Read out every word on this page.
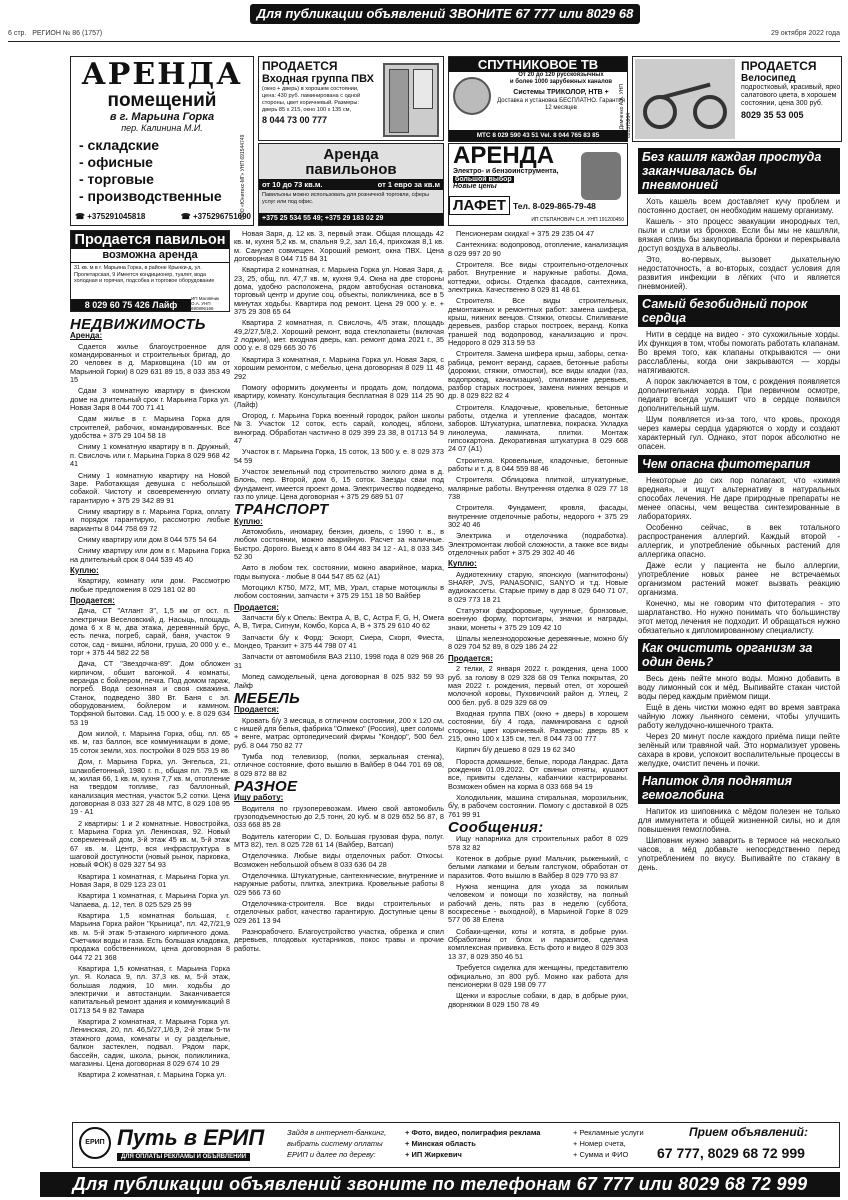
Для публикации объявлений ЗВОНИТЕ 67 777 или 8029 68 72 999
6 стр. РЕГИОН № 86 (1757)	29 октября 2022 года
АРЕНДА
помещений
в г. Марьина Горка
пер. Калинина М.И.
- складские
- офисные
- торговые
- производственные
☎ +375291045818	☎ +375296751690
ООО «Юнитекс-МГ» УНП 691544749
ПРОДАЕТСЯ
Входная группа ПВХ
(окно + дверь) в хорошем состоянии, цена: 430 руб. ламинирована с одной стороны, цвет коричневый. Размеры: дверь 85 х 215, окно 100 х 135 см,
8 044 73 00 777
СПУТНИКОВОЕ ТВ
От 20 до 120 русскоязычных
и более 1000 зарубежных каналов
Системы ТРИКОЛОР, НТВ +
Доставка и установка БЕСПЛАТНО. Гарантия 12 месяцев
МТС 8 029 590 43 51 Vel. 8 044 765 83 85	ИП Демченко А.А. УНП 691375964
ПРОДАЕТСЯ
Велосипед
подростковый, красивый, ярко салатового цвета, в хорошем состоянии, цена 300 руб.
8029 35 53 005
Аренда павильонов
от 10 до 73 кв.м.	от 1 евро за кв.м
Павильоны можно использовать для розничной торговли, сферы услуг или под офис.
+375 25 534 55 49; +375 29 183 02 29
АРЕНДА
Электро- и бензоинструмента,
большой выбор
Новые цены
ЛАФЕТ Тел. 8-029-865-79-48
ИП СТЕПАНОВИЧ С.Н. УНП 191200450
Продается павильон
возможна аренда
31 кв. м в г. Марьина Горка, в районе Крынки-д, ул. Пролетарская, 9 Имеется кондиционер, туалет, вода холодная и горячая, подсобка и торговое оборудование
8 029 60 75 426 Лайф
ИП Малявчик О.А. УНП 690896166
НЕДВИЖИМОСТЬ
Аренда:

Сдается жилье благоустроенное для командированных и строительных бригад, до 20 человек в д. Марковщина (10 км от Марьиной Горки) 8 029 631 89 15, 8 033 353 49 15

Сдам 3 комнатную квартиру в финском доме на длительный срок г. Марьина Горка ул. Новая Заря 8 044 700 71 41

Сдам жилье в г. Марьина Горка для строителей, рабочих, командированных. Все удобства + 375 29 104 58 18

Сниму 1 комнатную квартиру в п. Дружный, п. Свислочь или г. Марьина Горка 8 029 968 42 41

Сниму 1 комнатную квартиру на Новой Заре. Работающая девушка с небольшой собакой. Чистоту и своевременную оплату гарантирую + 375 29 342 89 91

Сниму квартиру в г. Марьина Горка, оплату и порядок гарантирую, рассмотрю любые варианты 8 044 758 69 72

Сниму квартиру или дом 8 044 575 54 64

Сниму квартиру или дом в г. Марьина Горка на длительный срок 8 044 539 45 40

Куплю:

Квартиру, комнату или дом. Рассмотрю любые предложения 8 029 181 02 80

Продается:

Дача, СТ "Атлант 3", 1,5 км от ост. п. электрички Веселовский, д. Насыць, площадь дома 6 х 8 м, два этажа, деревянный брус, есть печка, погреб, сарай, баня, участок 9 соток, сад - вишни, яблони, груша, 20 000 у. е., торг + 375 44 582 22 58

Дача, СТ "Звездочка-89". Дом обложен кирпичом, обшит вагонкой. 4 комнаты, веранда с бойлером, печка. Под домом гараж, погреб. Вода сезонная и своя скважина. Станок, подведено 380 Вт. Баня с эл. оборудованием, бойлером и камином. Торфяной бытовки. Сад. 15 000 у. е. 8 029 634 53 19

Дом жилой, г. Марьина Горка, общ. пл. 65 кв. м, газ баллон, все коммуникации в доме, 15 соток земли, хоз. постройки 8 029 553 19 86

Дом, г. Марьина Горка, ул. Энгельса, 21, шлакобетонный, 1980 г. п., общая пл. 79,5 кв. м, жилая 66, 1 кв. м, кухня 7,7 кв. м, отопление на твердом топливе, газ баллонный, канализация местная, участок 5,2 сотки. Цена договорная 8 033 327 28 48 МТС, 8 029 108 95 19 - А1

2 квартиры: 1 и 2 комнатные. Новостройка, г. Марьина Горка ул. Ленинская, 92. Новый современный дом, 3-й этаж 45 кв. м, 5-й этаж 67 кв. м. Центр, вся инфраструктура в шаговой доступности (новый рынок, парковка, новый ФОК) 8 029 327 54 93

Квартира 1 комнатная, г. Марьина Горка ул. Новая Заря, 8 029 123 23 01

Квартира 1 комнатная, г. Марьина Горка ул. Чапаева, д. 12, тел. 8 025 529 25 99

Квартира 1,5 комнатная большая, г. Марьина Горка район "Крыница", пл. 42,7/21,9 кв. м. 5-й этаж 5-этажного кирпичного дома. Счетчики воды и газа. Есть большая кладовка, продажа собственником, цена договорная 8 044 72 21 368

Квартира 1,5 комнатная, г. Марьина Горка ул. Я. Коласа 9, пл. 37,3 кв. м, 5-й этаж, большая лоджия, 10 мин. ходьбы до электрички и автостанции. Заканчивается капитальный ремонт здания и коммуникаций 8 01713 54 9 82 Тамара

Квартира 2 комнатная, г. Марьина Горка ул. Ленинская, 20, пл. 46,5/27,1/6,9, 2-й этаж 5-ти этажного дома, комнаты и су раздельные, балкон застеклен, подвал. Рядом парк, бассейн, садик, школа, рынок, поликлиника, магазины. Цена договорная 8 029 674 10 29

Квартира 2 комнатная, г. Марьина Горка ул.

Новая Заря, д. 12 кв. 3, первый этаж. Общая площадь 42 кв. м, кухня 5,2 кв. м, спальня 9,2, зал 16,4, прихожая 8,1 кв. м. Санузел совмещен. Хороший ремонт, окна ПВХ. Цена договорная 8 044 715 84 31

Квартира 2 комнатная, г. Марьина Горка ул. Новая Заря, д. 23, 25, общ. пл. 47,7 кв. м, кухня 9,4. Окна на две стороны дома, удобно расположена, рядом автобусная остановка, торговый центр и другие соц. объекты, поликлиника, все в 5 минутах ходьбы. Квартира под ремонт. Цена 29 000 у. е. + 375 29 308 65 64

Квартира 2 комнатная, п. Свислочь, 4/5 этаж, площадь 49,2/27,5/8,2. Хороший ремонт, вода стеклопакеты (включая 2 лоджии), мет. входная дверь, кап. ремонт дома 2021 г., 35 000 у. е. 8 029 665 30 76

Квартира 3 комнатная, г. Марьина Горка ул. Новая Заря, с хорошим ремонтом, с мебелью, цена договорная 8 029 11 48 292

Помогу оформить документы и продать дом, полдома, квартиру, комнату. Консультация бесплатная 8 029 114 25 90 (Лайф)

Огород, г. Марьина Горка военный городок, район школы №3. Участок 12 соток, есть сарай, колодец, яблони, виноград. Обработан частично 8 029 399 23 38, 8 01713 54 9 47

Участок в г. Марьина Горка, 15 соток, 13 500 у. е. 8 029 373 54 59

Участок земельный под строительство жилого дома в д. Блонь, пер. Второй, дом 6, 15 соток. Заезды сваи под фундамент, имеется проект дома. Электричество подведено, газ по улице. Цена договорная + 375 29 689 51 07

ТРАНСПОРТ
Куплю:

Автомобиль, иномарку, бензин, дизель, с 1990 г. в., в любом состоянии, можно аварийную. Расчет за наличные. Быстро. Дорого. Выезд к авто 8 044 483 34 12 - А1, 8 033 345 52 30

Авто в любом тех. состоянии, можно аварийное, марка, годы выпуска - любые 8 044 547 85 62 (А1)

Мотоцикл К750, М72, МТ, МВ, Урал, старые мотоциклы в любом состоянии, запчасти + 375 29 151 18 50 Вайбер

Продается:

Запчасти б/у к Опель: Вектра А, В, С, Астра F, G, H, Омега А, В, Тигра, Сигнум, Комбо, Корса А, В + 375 29 610 40 62

Запчасти б/у к Форд: Эскорт, Сиера, Скорп, Фиеста, Мондео, Транзит + 375 44 798 07 41

Запчасти от автомобиля ВАЗ 2110, 1998 года 8 029 968 26 31

Мопед самодельный, цена договорная 8 025 932 59 93 Лайф

МЕБЕЛЬ
Продается:

Кровать б/у 3 месяца, в отличном состоянии, 200 х 120 см, с нишей для белья, фабрика "Олмеко" (Россия), цвет соломы + венге, матрас ортопедический фирмы "Кондор", 500 бел. руб. 8 044 750 82 77

Тумба под телевизор, (полки, зеркальная стенка), отличное состояние, фото вышлю в Вайбер 8 044 701 69 08, 8 029 872 88 82

РАЗНОЕ
Ищу работу:

Водителя по грузоперевозкам. Имею свой автомобиль грузоподъемностью до 2,5 тонн, 20 куб. м 8 029 652 56 87, 8 033 668 85 28

Водитель категории С, D. Большая грузовая фура, полуг. МТЗ 82), тел. 8 025 728 61 14 (Вайбер, Ватсап)

Отделочника. Любые виды отделочных работ. Откосы. Возможен небольшой объем 8 033 636 04 28

Отделочника. Штукатурные, сантехнические, внутренние и наружные работы, плитка, электрика. Кровельные работы 8 029 566 73 60

Отделочника-строителя. Все виды строительных и отделочных работ, качество гарантирую. Доступные цены 8 029 261 13 94

Разнорабочего. Благоустройство участка, обрезка и спил деревьев, плодовых кустарников, покос травы и прочие работы.

Пенсионерам скидка! + 375 29 235 04 47

Сантехника: водопровод, отопление, канализация 8 029 997 20 90

Строителя. Все виды строительно-отделочных работ. Внутренние и наружные работы. Дома, коттеджи, офисы. Отделка фасадов, сантехника, электрика. Качественно 8 029 81 48 61

Строителя. Все виды строительных, демонтажных и ремонтных работ: замена шифера, крыш, нижних венцов. Стяжки, откосы. Спиливание деревьев, разбор старых построек, веранд. Копка траншей под водопровод, канализацию и проч. Недорого 8 029 313 59 53

Строителя. Замена шифера крыш, заборы, сетка-рабица, ремонт веранд, сараев, бетонные работы (дорожки, стяжки, отмостки), все виды кладки (газ, водопровод, канализация), спиливание деревьев, разбор старых построек, замена нижних венцов и др. 8 029 822 82 4

Строителя. Кладочные, кровельные, бетонные работы, отделка и утепление фасадов, монтаж заборов. Штукатурка, шпатлевка, покраска. Укладка линолеума, ламината, плитки. Монтаж гипсокартона. Декоративная штукатурка 8 029 668 24 07 (А1)

Строителя. Кровельные, кладочные, бетонные работы и т. д. 8 044 559 88 46

Строителя. Облицовка плиткой, штукатурные, малярные работы. Внутренняя отделка 8 029 77 18 738

Строителя. Фундамент, кровля, фасады, внутренние отделочные работы, недорого + 375 29 302 40 46

Электрика и отделочника (подработка). Электромонтаж любой сложности, а также все виды отделочных работ + 375 29 302 40 46

Куплю:

Аудиотехнику старую, японскую (магнитофоны) SHARP, JVS, PANASONIC, SANYO и т.д. Новые аудиокассеты. Старые приму в дар 8 029 640 71 07, 8 029 773 18 21

Статуэтки фарфоровые, чугунные, бронзовые, военную форму, портсигары, значки и награды, знаки, монеты + 375 29 109 42 10

Шпалы железнодорожные деревянные, можно б/у 8 029 704 52 89, 8 029 186 24 22

Продается:

2 телки, 2 января 2022 г. рождения, цена 1000 руб. за голову 8 029 328 68 09 Телка покрытая, 20 мая 2022 г. рождения, первый отел, от хорошей молочной коровы, Пуховичский район д. Углец, 2 000 бел. руб. 8 029 329 68 09

Входная группа ПВХ (окно + дверь) в хорошем состоянии, б/у 4 года, ламинирована с одной стороны, цвет коричневый. Размеры: дверь 85 х 215, окно 100 х 135 см, тел. 8 044 73 00 777

Кирпич б/у дешево 8 029 19 62 340

Пороста домашние, белые, порода Ландрас. Дата рождения 01.09.2022. От свиньи отняты, кушают все, привиты сделаны, кабанчики кастрированы. Возможен обмен на корма 8 033 668 94 19

Холодильник, машина стиральная, морозильник, б/у, в рабочем состоянии. Помогу с доставкой 8 025 761 99 91

Сообщения:

Ищу напарника для строительных работ 8 029 578 32 82

Котенок в добрые руки! Мальчик, рыженький, с белыми лапками и белым галстуком, обработан от паразитов. Фото вышлю в Вайбер 8 029 770 93 87

Нужна женщина для ухода за пожилым человеком и помощи по хозяйству, на полный рабочий день, пять раз в неделю (суббота, воскресенье - выходной), в Марьиной Горке 8 029 577 06 38 Елена

Собаки-щенки, коты и котята, в добрые руки. Обработаны от блох и паразитов, сделана комплексная прививка. Есть фото и видео 8 029 303 13 37, 8 029 350 46 51

Требуется сиделка для женщины, представителю официально, зп 800 руб. Можно как работа для пенсионерки 8 029 198 09 77

Щенки и взрослые собаки, в дар, в добрые руки, дворняжки 8 029 150 78 49

Без кашля каждая простуда заканчивалась бы пневмонией

Хоть кашель всем доставляет кучу проблем и постоянно достает, он необходим нашему организму.

Кашель - это процесс эвакуации инородных тел, пыли и слизи из бронхов. Если бы мы не кашляли, вязкая слизь бы закупоривала бронхи и перекрывала доступ воздуха в альвеолы.

Это, во-первых, вызовет дыхательную недостаточность, а во-вторых, создаст условия для развития инфекции в лёгких (что и является пневмонией).

Самый безобидный порок сердца

Нити в сердце на видео - это сухожильные хорды. Их функция в том, чтобы помогать работать клапанам. Во время того, как клапаны открываются — они расслаблены, когда они закрываются — хорды натягиваются.

А порок заключается в том, с рождения появляется дополнительная хорда. При первичном осмотре, педиатр всегда услышит что в сердце появился дополнительный шум.

Шум появляется из-за того, что кровь, проходя через камеры сердца ударяются о хорду и создают характерный гул. Однако, этот порок абсолютно не опасен.

Чем опасна фитотерапия

Некоторые до сих пор полагают, что «химия вредная», и ищут альтернативу в натуральных способах лечения. Не даре природные препараты не менее опасны, чем вещества синтезированные в лабораториях.

Особенно сейчас, в век тотального распространения аллергий. Каждый второй - аллергик, и употребление обычных растений для аллергика опасно.

Даже если у пациента не было аллергии, употребление новых ранее не встречаемых организмом растений может вызвать реакцию организма.

Конечно, мы не говорим что фитотерапия - это шарлатанство. Но нужно понимать что большинству этот метод лечения не подходит. И обращаться нужно обязательно к дипломированному специалисту.

Как очистить организм за один день?

Весь день пейте много воды. Можно добавить в воду лимонный сок и мёд. Выпивайте стакан чистой воды перед каждым приёмом пищи.

Ещё в день чистки можно едят во время завтрака чайную ложку льняного семени, чтобы улучшить работу желудочно-кишечного тракта.

Через 20 минут после каждого приёма пищи пейте зелёный или травяной чай. Это нормализует уровень сахара в крови, успокоит воспалительные процессы в желудке, очистит печень и почки.

Напиток для поднятия гемоглобина

Напиток из шиповника с мёдом полезен не только для иммунитета и общей жизненной силы, но и для повышения гемоглобина.

Шиповник нужно заварить в термосе на несколько часов, а мёд добавьте непосредственно перед употреблением по вкусу. Выпивайте по стакану в день.

ЕРИП Путь в ЕРИП
ДЛЯ ОПЛАТЫ РЕКЛАМЫ И ОБЪЯВЛЕНИЙ
Зайдя в интернет-банкинг,
выбрать систему оплаты
ЕРИП и далее по дереву:
+ Фото, видео, полиграфия реклама
+ Минская область
+ ИП Жиркевич
+ Рекламные услуги
+ Номер счета,
+ Сумма и ФИО
Прием объявлений:
67 777, 8029 68 72 999
Для публикации объявлений звоните по телефонам 67 777 или 8029 68 72 999
